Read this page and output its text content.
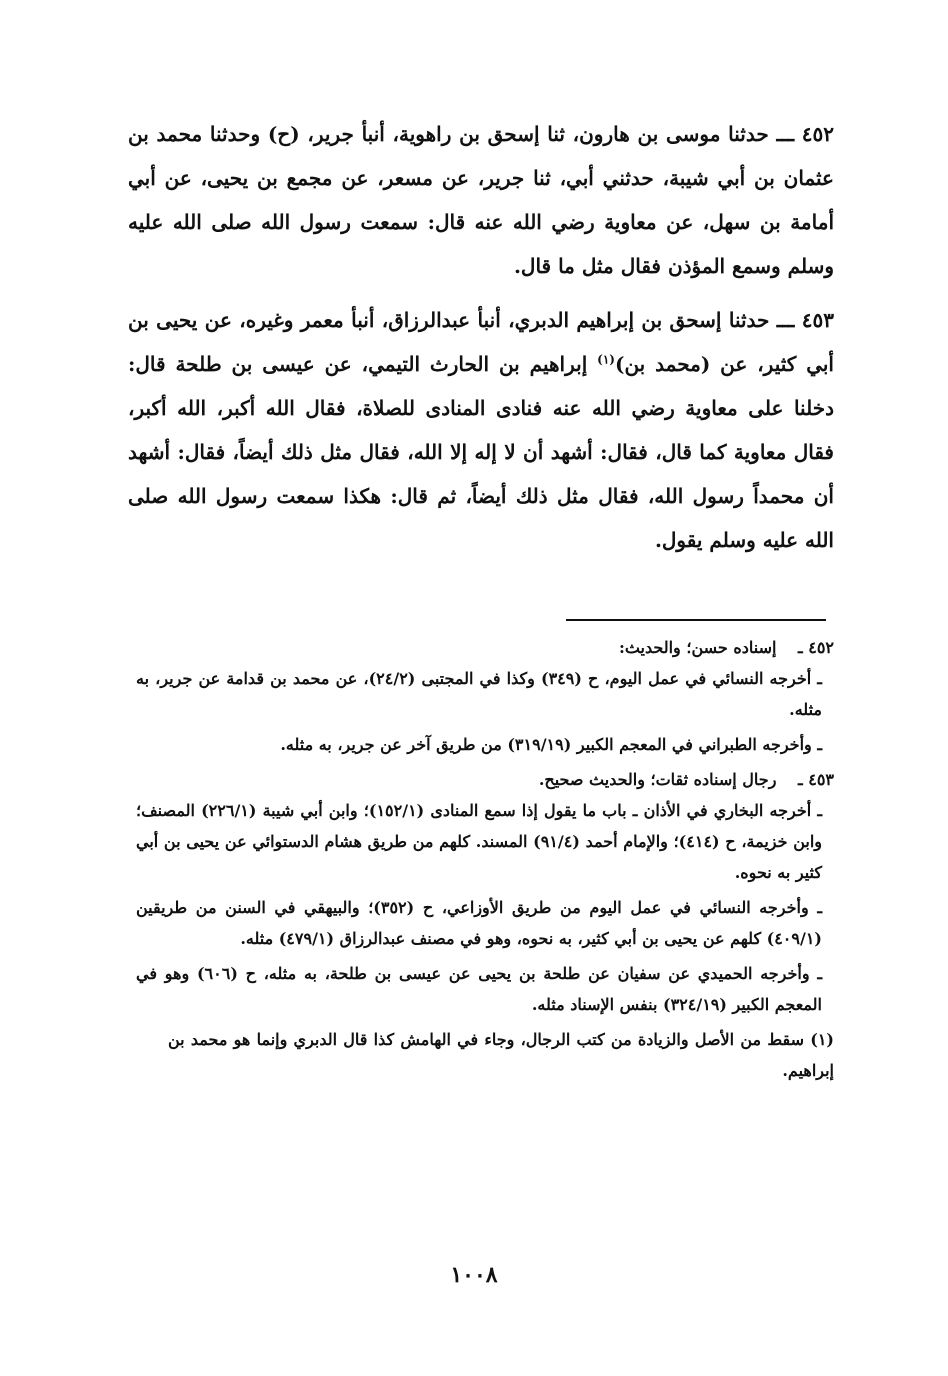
٤٥٢ ـــ حدثنا موسى بن هارون، ثنا إسحق بن راهوية، أنبأ جرير، (ح) وحدثنا محمد بن عثمان بن أبي شيبة، حدثني أبي، ثنا جرير، عن مسعر، عن مجمع بن يحيى، عن أبي أمامة بن سهل، عن معاوية رضي الله عنه قال: سمعت رسول الله صلى الله عليه وسلم وسمع المؤذن فقال مثل ما قال.

٤٥٣ ـــ حدثنا إسحق بن إبراهيم الدبري، أنبأ عبدالرزاق، أنبأ معمر وغيره، عن يحيى بن أبي كثير، عن (محمد بن)$^{(١)}$ إبراهيم بن الحارث التيمي، عن عيسى بن طلحة قال: دخلنا على معاوية رضي الله عنه فنادى المنادى للصلاة، فقال الله أكبر، الله أكبر، فقال معاوية كما قال، فقال: أشهد أن لا إله إلا الله، فقال مثل ذلك أيضاً، فقال: أشهد أن محمداً رسول الله، فقال مثل ذلك أيضاً، ثم قال: هكذا سمعت رسول الله صلى الله عليه وسلم يقول.

٤٥٢ ـ إسناده حسن؛ والحديث:

ـ أخرجه النسائي في عمل اليوم، ح (٣٤٩) وكذا في المجتبى (٢٤/٢)، عن محمد بن قدامة عن جرير، به مثله.

ـ وأخرجه الطبراني في المعجم الكبير (٣١٩/١٩) من طريق آخر عن جرير، به مثله.

٤٥٣ ـ رجال إسناده ثقات؛ والحديث صحيح.

ـ أخرجه البخاري في الأذان ـ باب ما يقول إذا سمع المنادى (١٥٢/١)؛ وابن أبي شيبة (٢٢٦/١) المصنف؛ وابن خزيمة، ح (٤١٤)؛ والإمام أحمد (٩١/٤) المسند. كلهم من طريق هشام الدستوائي عن يحيى بن أبي كثير به نحوه.

ـ وأخرجه النسائي في عمل اليوم من طريق الأوزاعي، ح (٣٥٢)؛ والبيهقي في السنن من طريقين (٤٠٩/١) كلهم عن يحيى بن أبي كثير، به نحوه، وهو في مصنف عبدالرزاق (٤٧٩/١) مثله.

ـ وأخرجه الحميدي عن سفيان عن طلحة بن يحيى عن عيسى بن طلحة، به مثله، ح (٦٠٦) وهو في المعجم الكبير (٣٢٤/١٩) بنفس الإسناد مثله.

(١) سقط من الأصل والزيادة من كتب الرجال، وجاء في الهامش كذا قال الدبري وإنما هو محمد بن إبراهيم.

١٠٠٨
